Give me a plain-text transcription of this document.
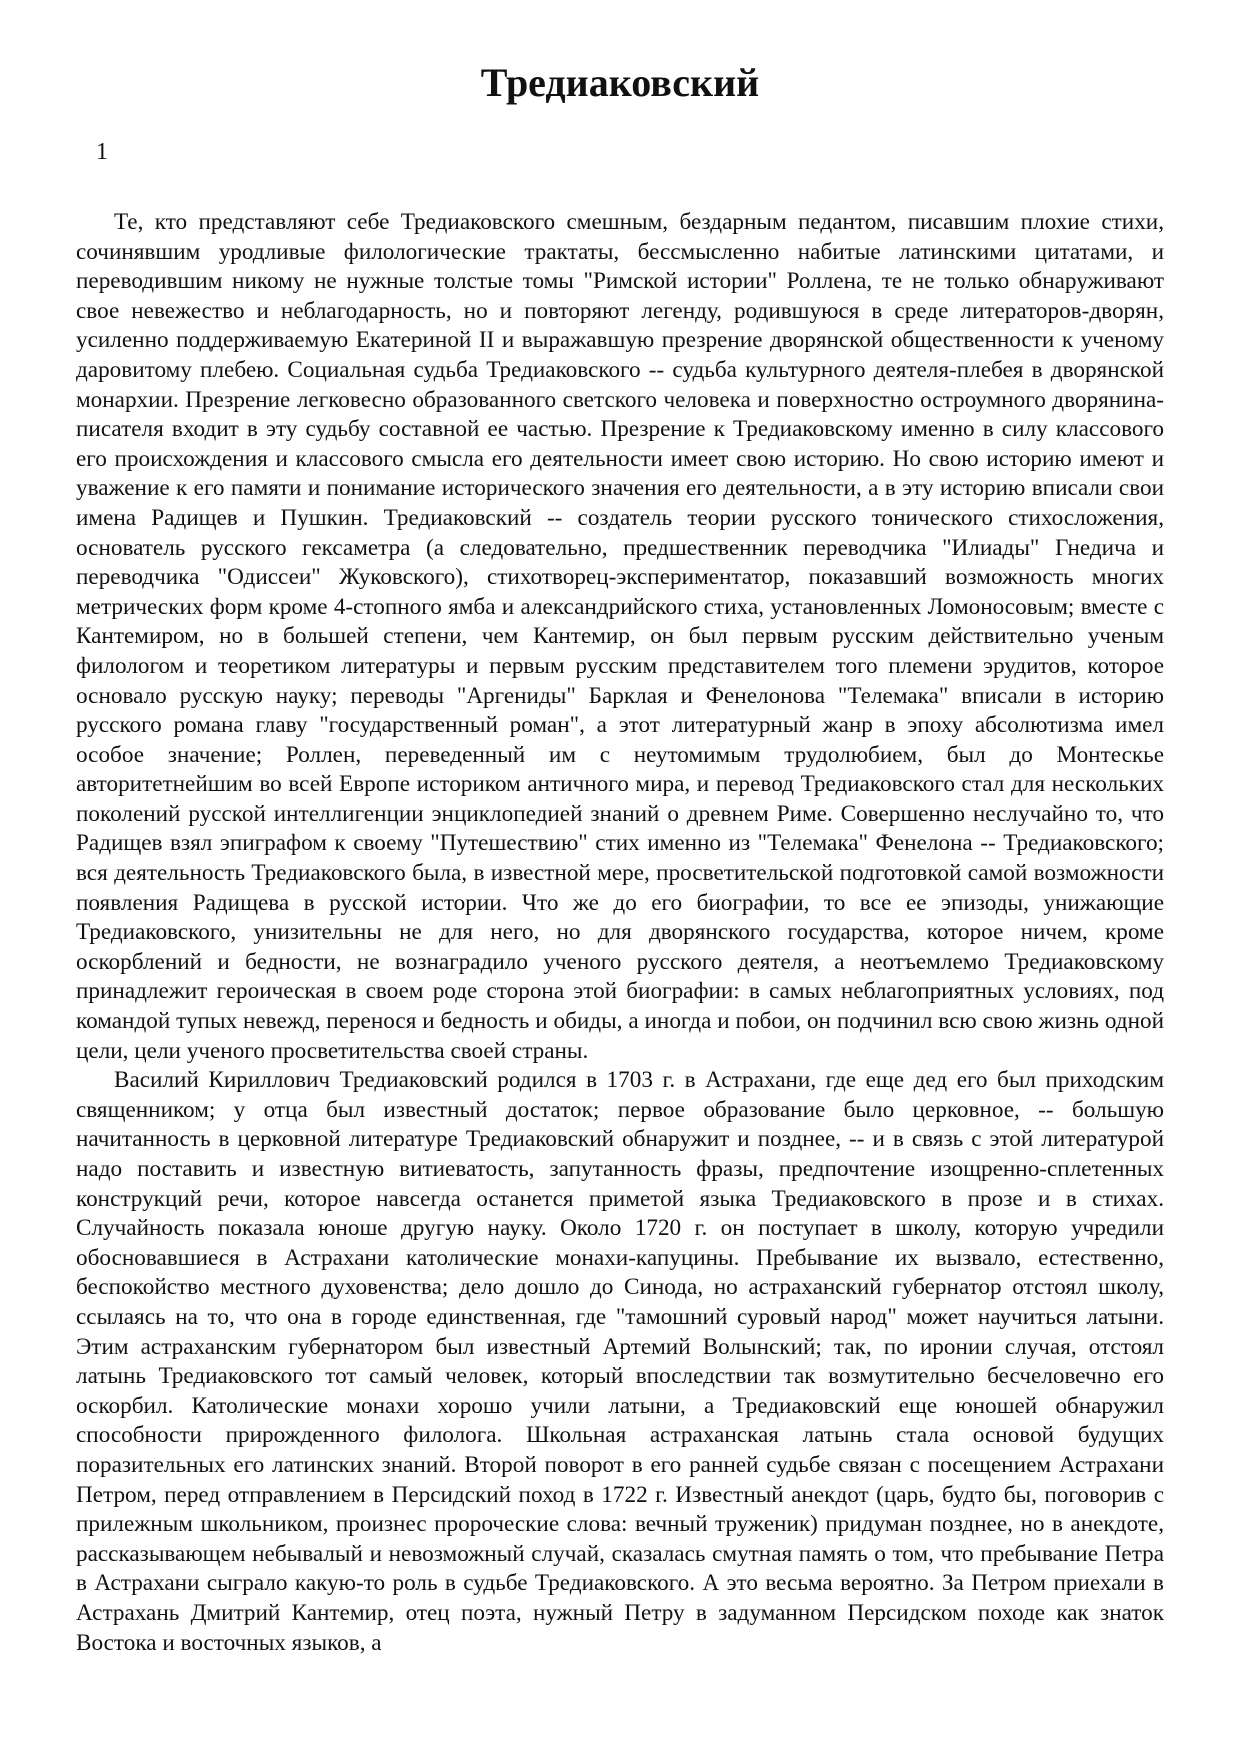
Тредиаковский
1

Те, кто представляют себе Тредиаковского смешным, бездарным педантом, писавшим плохие стихи, сочинявшим уродливые филологические трактаты, бессмысленно набитые латинскими цитатами, и переводившим никому не нужные толстые томы "Римской истории" Роллена, те не только обнаруживают свое невежество и неблагодарность, но и повторяют легенду, родившуюся в среде литераторов-дворян, усиленно поддерживаемую Екатериной II и выражавшую презрение дворянской общественности к ученому даровитому плебею. Социальная судьба Тредиаковского -- судьба культурного деятеля-плебея в дворянской монархии. Презрение легковесно образованного светского человека и поверхностно остроумного дворянина-писателя входит в эту судьбу составной ее частью. Презрение к Тредиаковскому именно в силу классового его происхождения и классового смысла его деятельности имеет свою историю. Но свою историю имеют и уважение к его памяти и понимание исторического значения его деятельности, а в эту историю вписали свои имена Радищев и Пушкин. Тредиаковский -- создатель теории русского тонического стихосложения, основатель русского гексаметра (а следовательно, предшественник переводчика "Илиады" Гнедича и переводчика "Одиссеи" Жуковского), стихотворец-экспериментатор, показавший возможность многих метрических форм кроме 4-стопного ямба и александрийского стиха, установленных Ломоносовым; вместе с Кантемиром, но в большей степени, чем Кантемир, он был первым русским действительно ученым филологом и теоретиком литературы и первым русским представителем того племени эрудитов, которое основало русскую науку; переводы "Аргениды" Барклая и Фенелонова "Телемака" вписали в историю русского романа главу "государственный роман", а этот литературный жанр в эпоху абсолютизма имел особое значение; Роллен, переведенный им с неутомимым трудолюбием, был до Монтескье авторитетнейшим во всей Европе историком античного мира, и перевод Тредиаковского стал для нескольких поколений русской интеллигенции энциклопедией знаний о древнем Риме. Совершенно неслучайно то, что Радищев взял эпиграфом к своему "Путешествию" стих именно из "Телемака" Фенелона -- Тредиаковского; вся деятельность Тредиаковского была, в известной мере, просветительской подготовкой самой возможности появления Радищева в русской истории. Что же до его биографии, то все ее эпизоды, унижающие Тредиаковского, унизительны не для него, но для дворянского государства, которое ничем, кроме оскорблений и бедности, не вознаградило ученого русского деятеля, а неотъемлемо Тредиаковскому принадлежит героическая в своем роде сторона этой биографии: в самых неблагоприятных условиях, под командой тупых невежд, перенося и бедность и обиды, а иногда и побои, он подчинил всю свою жизнь одной цели, цели ученого просветительства своей страны.

Василий Кириллович Тредиаковский родился в 1703 г. в Астрахани, где еще дед его был приходским священником; у отца был известный достаток; первое образование было церковное, -- большую начитанность в церковной литературе Тредиаковский обнаружит и позднее, -- и в связь с этой литературой надо поставить и известную витиеватость, запутанность фразы, предпочтение изощренно-сплетенных конструкций речи, которое навсегда останется приметой языка Тредиаковского в прозе и в стихах. Случайность показала юноше другую науку. Около 1720 г. он поступает в школу, которую учредили обосновавшиеся в Астрахани католические монахи-капуцины. Пребывание их вызвало, естественно, беспокойство местного духовенства; дело дошло до Синода, но астраханский губернатор отстоял школу, ссылаясь на то, что она в городе единственная, где "тамошний суровый народ" может научиться латыни. Этим астраханским губернатором был известный Артемий Волынский; так, по иронии случая, отстоял латынь Тредиаковского тот самый человек, который впоследствии так возмутительно бесчеловечно его оскорбил. Католические монахи хорошо учили латыни, а Тредиаковский еще юношей обнаружил способности прирожденного филолога. Школьная астраханская латынь стала основой будущих поразительных его латинских знаний. Второй поворот в его ранней судьбе связан с посещением Астрахани Петром, перед отправлением в Персидский поход в 1722 г. Известный анекдот (царь, будто бы, поговорив с прилежным школьником, произнес пророческие слова: вечный труженик) придуман позднее, но в анекдоте, рассказывающем небывалый и невозможный случай, сказалась смутная память о том, что пребывание Петра в Астрахани сыграло какую-то роль в судьбе Тредиаковского. А это весьма вероятно. За Петром приехали в Астрахань Дмитрий Кантемир, отец поэта, нужный Петру в задуманном Персидском походе как знаток Востока и восточных языков, а
